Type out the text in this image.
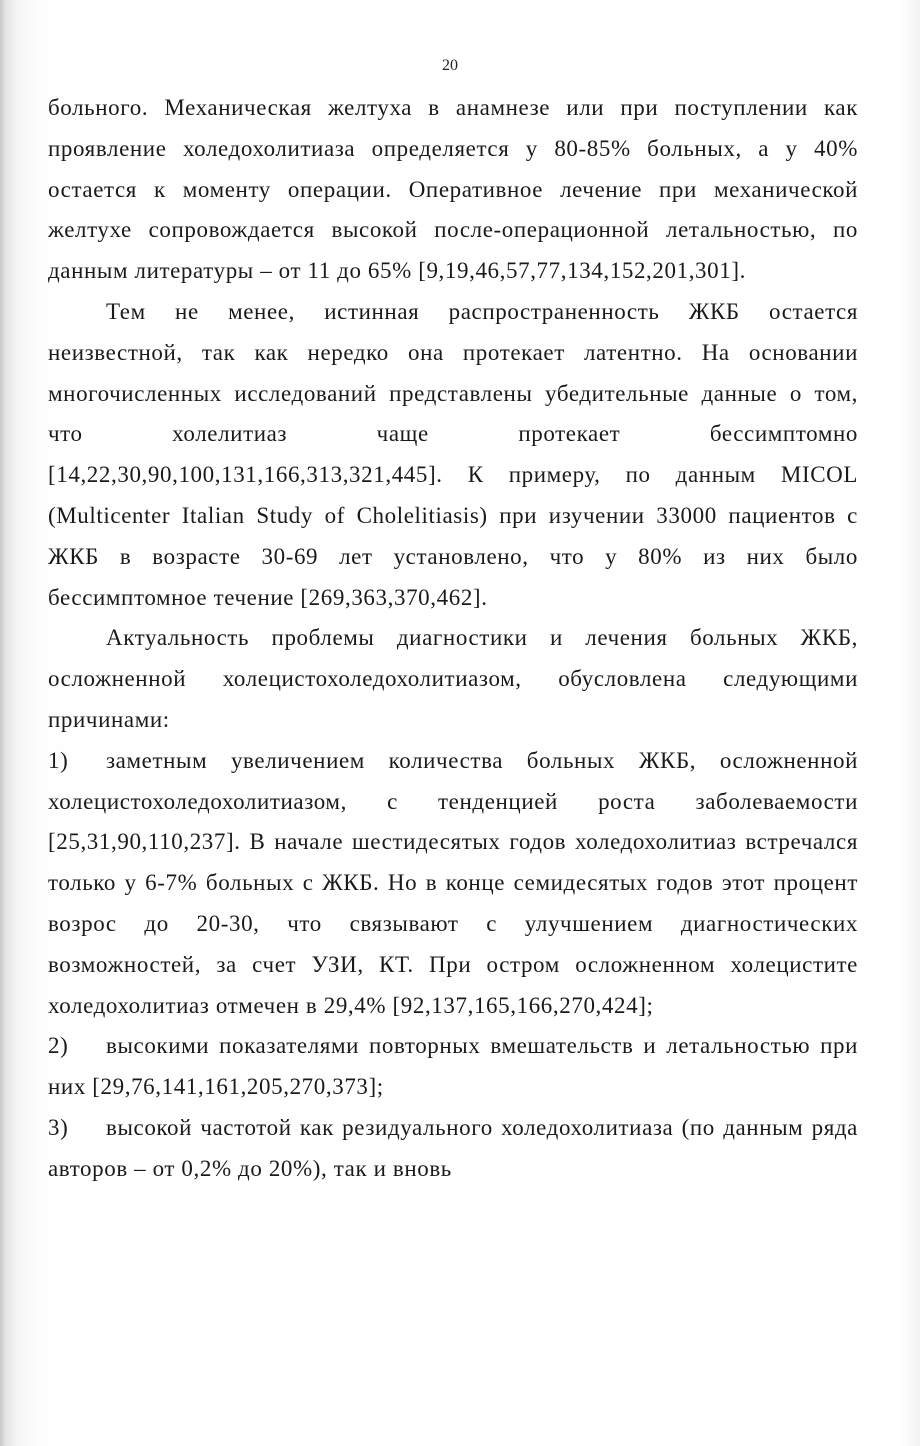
20

больного. Механическая желтуха в анамнезе или при поступлении как проявление холедохолитиаза определяется у 80-85% больных, а у 40% остается к моменту операции. Оперативное лечение при механической желтухе сопровождается высокой после-операционной летальностью, по данным литературы – от 11 до 65% [9,19,46,57,77,134,152,201,301].

Тем не менее, истинная распространенность ЖКБ остается неизвестной, так как нередко она протекает латентно. На основании многочисленных исследований представлены убедительные данные о том, что холелитиаз чаще протекает бессимптомно [14,22,30,90,100,131,166,313,321,445]. К примеру, по данным MICOL (Multicenter Italian Study of Cholelitiasis) при изучении 33000 пациентов с ЖКБ в возрасте 30-69 лет установлено, что у 80% из них было бессимптомное течение [269,363,370,462].

Актуальность проблемы диагностики и лечения больных ЖКБ, осложненной холецистохоледохолитиазом, обусловлена следующими причинами:

1) заметным увеличением количества больных ЖКБ, осложненной холецистохоледохолитиазом, с тенденцией роста заболеваемости [25,31,90,110,237]. В начале шестидесятых годов холедохолитиаз встречался только у 6-7% больных с ЖКБ. Но в конце семидесятых годов этот процент возрос до 20-30, что связывают с улучшением диагностических возможностей, за счет УЗИ, КТ. При остром осложненном холецистите холедохолитиаз отмечен в 29,4% [92,137,165,166,270,424];

2) высокими показателями повторных вмешательств и летальностью при них [29,76,141,161,205,270,373];

3) высокой частотой как резидуального холедохолитиаза (по данным ряда авторов – от 0,2% до 20%), так и вновь
